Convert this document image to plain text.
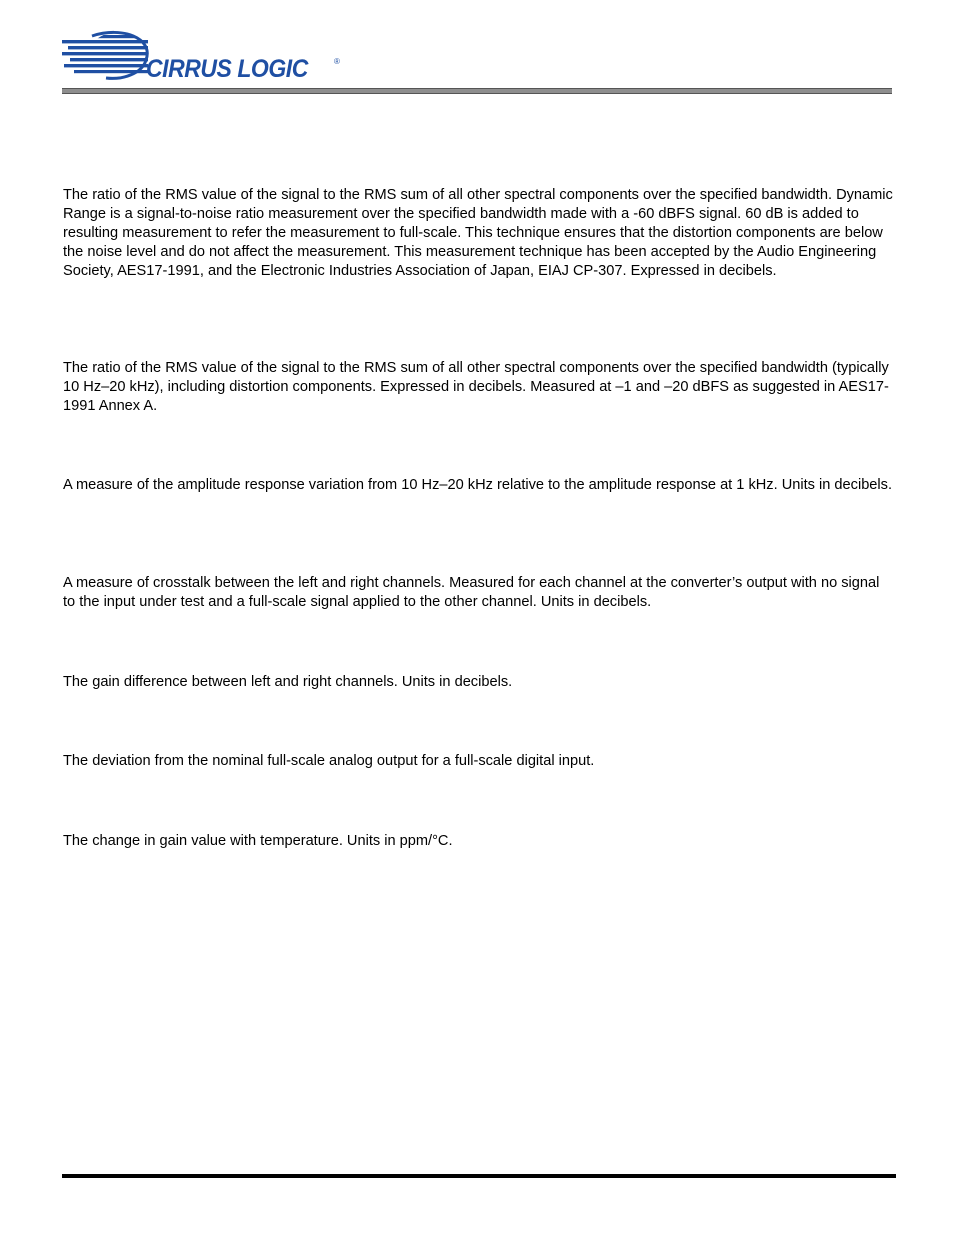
CIRRUS LOGIC	®

The ratio of the RMS value of the signal to the RMS sum of all other spectral components over the specified bandwidth. Dynamic Range is a signal-to-noise ratio measurement over the specified bandwidth made with a -60 dBFS signal. 60 dB is added to resulting measurement to refer the measurement to full-scale. This technique ensures that the distortion components are below the noise level and do not affect the measurement. This measurement technique has been accepted by the Audio Engineering Society, AES17-1991, and the Electronic Industries Association of Japan, EIAJ CP-307. Expressed in decibels.

The ratio of the RMS value of the signal to the RMS sum of all other spectral components over the specified bandwidth (typically 10 Hz–20 kHz), including distortion components. Expressed in decibels. Measured at –1 and –20 dBFS as suggested in AES17-1991 Annex A.

A measure of the amplitude response variation from 10 Hz–20 kHz relative to the amplitude response at 1 kHz. Units in decibels.

A measure of crosstalk between the left and right channels. Measured for each channel at the converter’s output with no signal to the input under test and a full-scale signal applied to the other channel. Units in decibels.

The gain difference between left and right channels. Units in decibels.

The deviation from the nominal full-scale analog output for a full-scale digital input.

The change in gain value with temperature. Units in ppm/°C.
